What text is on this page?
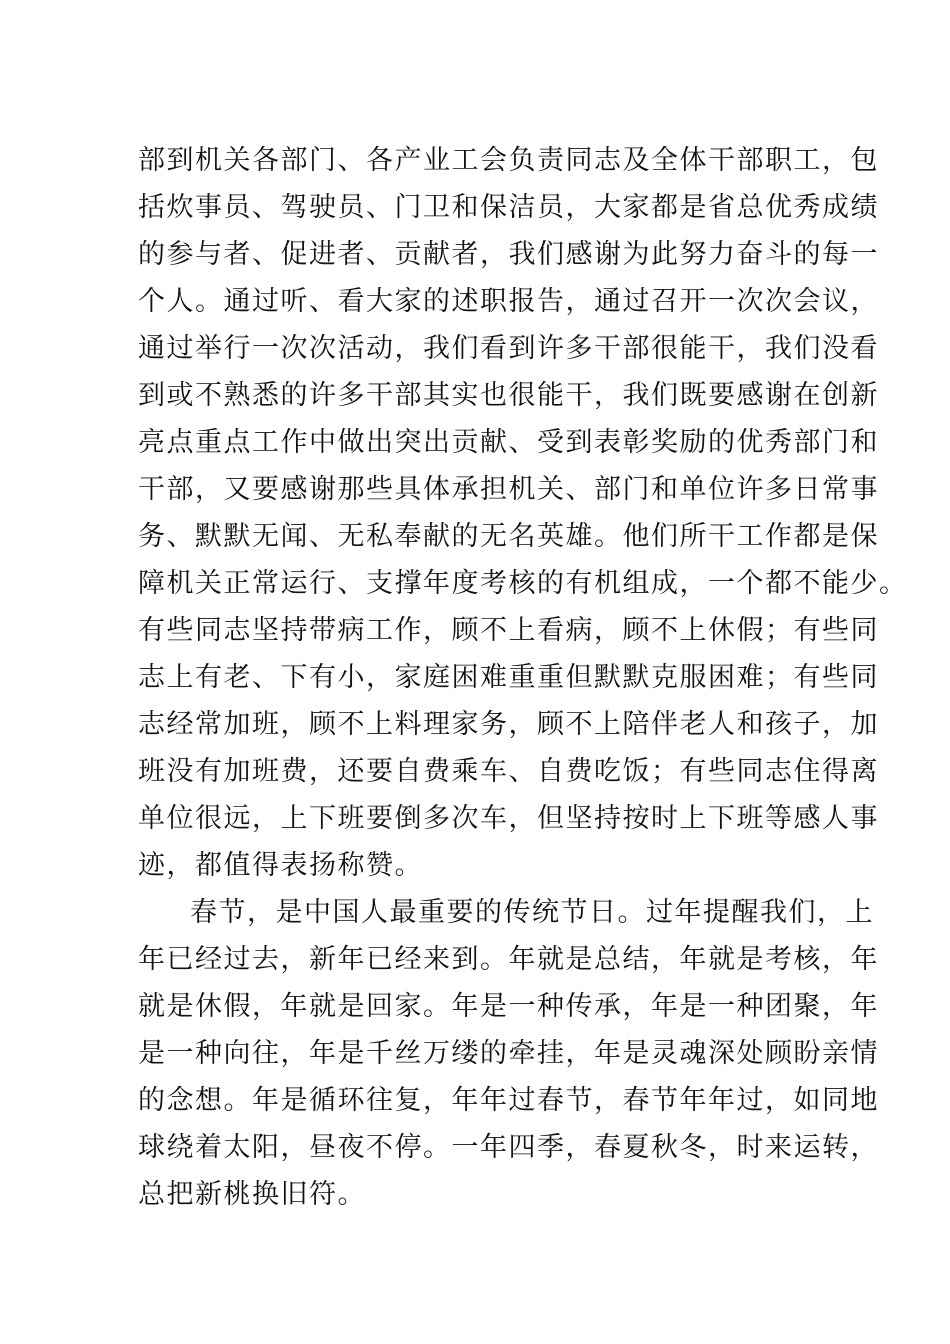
部到机关各部门、各产业工会负责同志及全体干部职工，包
括炊事员、驾驶员、门卫和保洁员，大家都是省总优秀成绩
的参与者、促进者、贡献者，我们感谢为此努力奋斗的每一
个人。通过听、看大家的述职报告，通过召开一次次会议，
通过举行一次次活动，我们看到许多干部很能干，我们没看
到或不熟悉的许多干部其实也很能干，我们既要感谢在创新
亮点重点工作中做出突出贡献、受到表彰奖励的优秀部门和
干部，又要感谢那些具体承担机关、部门和单位许多日常事
务、默默无闻、无私奉献的无名英雄。他们所干工作都是保
障机关正常运行、支撑年度考核的有机组成，一个都不能少。
有些同志坚持带病工作，顾不上看病，顾不上休假；有些同
志上有老、下有小，家庭困难重重但默默克服困难；有些同
志经常加班，顾不上料理家务，顾不上陪伴老人和孩子，加
班没有加班费，还要自费乘车、自费吃饭；有些同志住得离
单位很远，上下班要倒多次车，但坚持按时上下班等感人事
迹，都值得表扬称赞。
春节，是中国人最重要的传统节日。过年提醒我们，上
年已经过去，新年已经来到。年就是总结，年就是考核，年
就是休假，年就是回家。年是一种传承，年是一种团聚，年
是一种向往，年是千丝万缕的牵挂，年是灵魂深处顾盼亲情
的念想。年是循环往复，年年过春节，春节年年过，如同地
球绕着太阳，昼夜不停。一年四季，春夏秋冬，时来运转，
总把新桃换旧符。
